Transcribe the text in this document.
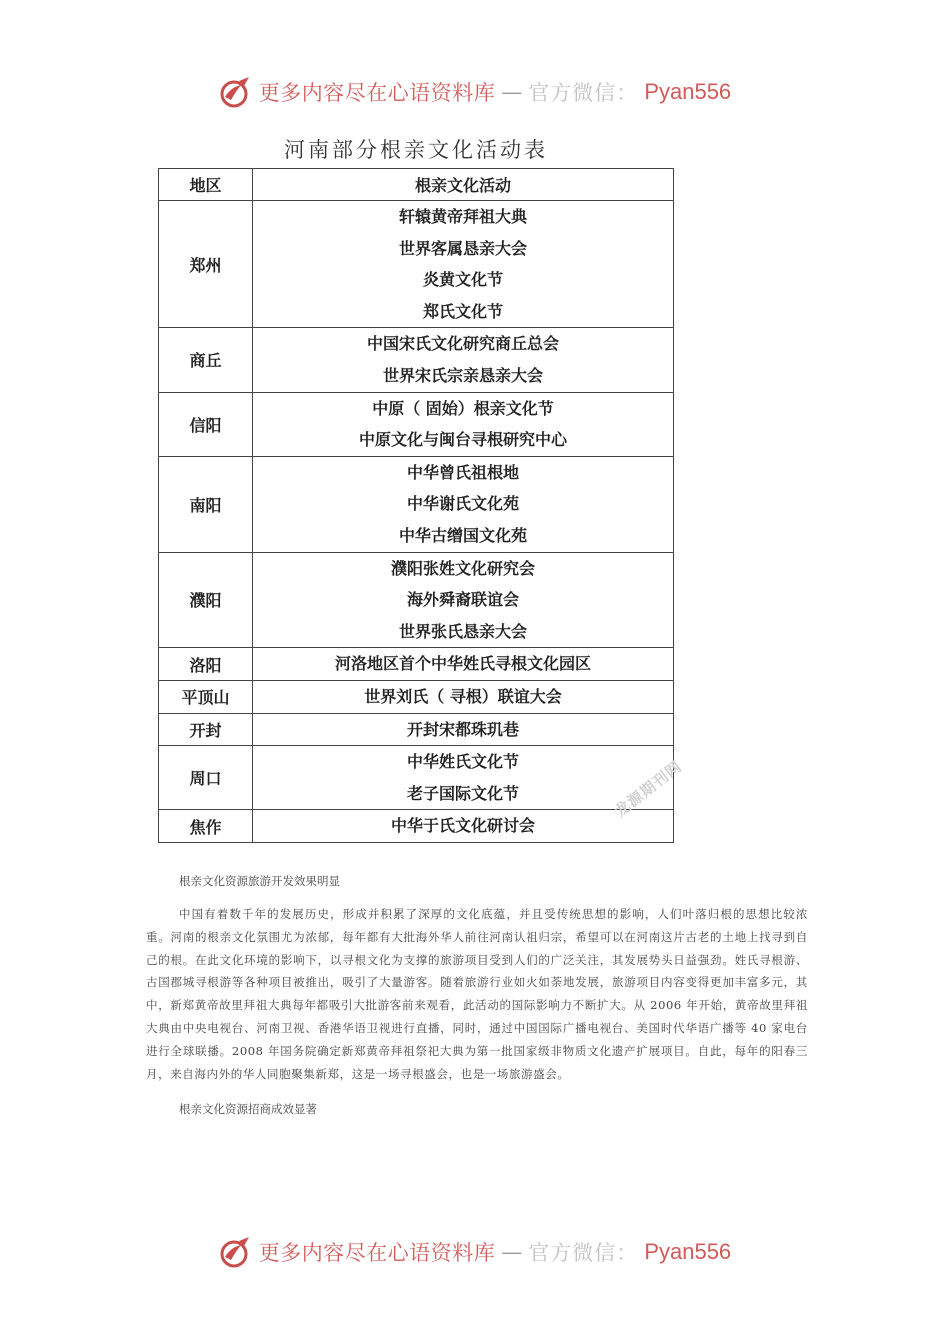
更多内容尽在心语资料库 — 官方微信： Pyan556
河南部分根亲文化活动表
地区	根亲文化活动
郑州	轩辕黄帝拜祖大典
世界客属恳亲大会
炎黄文化节
郑氏文化节

商丘	中国宋氏文化研究商丘总会
世界宋氏宗亲恳亲大会

信阳	中原（ 固始）根亲文化节
中原文化与闽台寻根研究中心

南阳	中华曾氏祖根地
中华谢氏文化苑
中华古缯国文化苑

濮阳	濮阳张姓文化研究会
海外舜裔联谊会
世界张氏恳亲大会

洛阳	河洛地区首个中华姓氏寻根文化园区

平顶山	世界刘氏（ 寻根）联谊大会

开封	开封宋都珠玑巷

周口	中华姓氏文化节
老子国际文化节

焦作	中华于氏文化研讨会
龙源期刊网
根亲文化资源旅游开发效果明显
中国有着数千年的发展历史，形成并积累了深厚的文化底蕴，并且受传统思想的影响，人们叶落归根的思想比较浓重。河南的根亲文化氛围尤为浓郁，每年都有大批海外华人前往河南认祖归宗，希望可以在河南这片古老的土地上找寻到自己的根。在此文化环境的影响下，以寻根文化为支撑的旅游项目受到人们的广泛关注，其发展势头日益强劲。姓氏寻根游、古国郡城寻根游等各种项目被推出，吸引了大量游客。随着旅游行业如火如荼地发展，旅游项目内容变得更加丰富多元，其中，新郑黄帝故里拜祖大典每年都吸引大批游客前来观看，此活动的国际影响力不断扩大。从 2006 年开始，黄帝故里拜祖大典由中央电视台、河南卫视、香港华语卫视进行直播，同时，通过中国国际广播电视台、美国时代华语广播等 40 家电台进行全球联播。2008 年国务院确定新郑黄帝拜祖祭祀大典为第一批国家级非物质文化遗产扩展项目。自此，每年的阳春三月，来自海内外的华人同胞聚集新郑，这是一场寻根盛会，也是一场旅游盛会。
根亲文化资源招商成效显著
更多内容尽在心语资料库 — 官方微信： Pyan556
